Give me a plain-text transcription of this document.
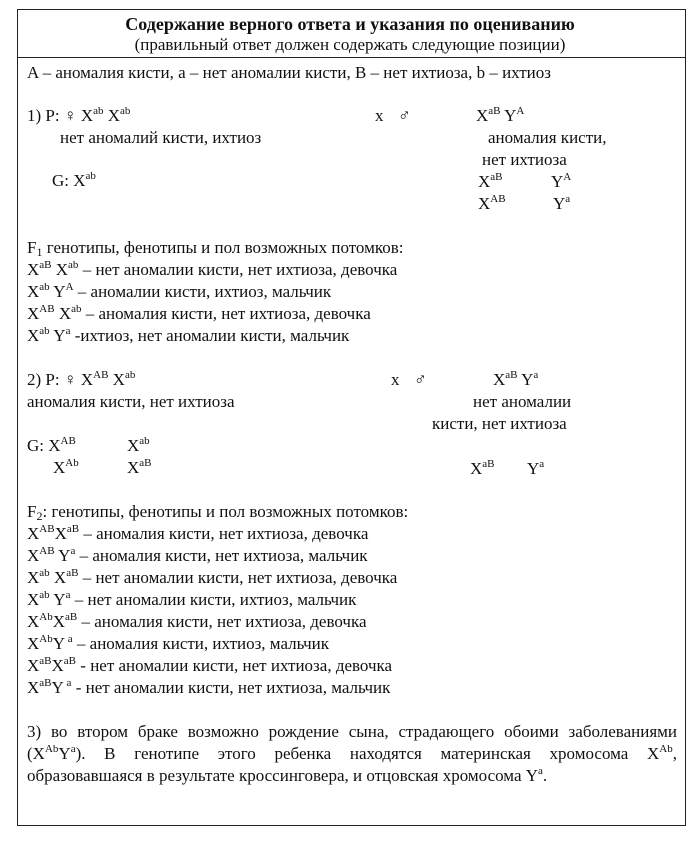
Содержание верного ответа и указания по оцениванию
(правильный ответ должен содержать следующие позиции)
A – аномалия кисти, а – нет аномалии кисти, В – нет ихтиоза, b – ихтиоз
1) P: ♀ $X^{ab}$ $X^{ab}$	x ♂	$X^{aB}$ $Y^A$
нет аномалий кисти, ихтиоз	аномалия кисти,
нет ихтиоза
G: $X^{ab}$	$X^{aB}$	$Y^A$
$X^{AB}$	$Y^a$
F1 генотипы, фенотипы и пол возможных потомков:
$X^{aB}$ $X^{ab}$ – нет аномалии кисти, нет ихтиоза, девочка
$X^{ab}$ $Y^A$ – аномалии кисти, ихтиоз, мальчик
$X^{AB}$ $X^{ab}$ – аномалия кисти, нет ихтиоза, девочка
$X^{ab}$ $Y^a$ -ихтиоз, нет аномалии кисти, мальчик
2) P: ♀ $X^{AB}$ $X^{ab}$	x ♂	$X^{aB}$ $Y^a$
аномалия кисти, нет ихтиоза	нет аномалии
кисти, нет ихтиоза
G: $X^{AB}$	$X^{ab}$
$X^{Ab}$	$X^{aB}$	$X^{aB}$ $Y^a$
F2: генотипы, фенотипы и пол возможных потомков:
$X^{AB}X^{aB}$ – аномалия кисти, нет ихтиоза, девочка
$X^{AB}$ $Y^a$ – аномалия кисти, нет ихтиоза, мальчик
$X^{ab}$ $X^{aB}$ – нет аномалии кисти, нет ихтиоза, девочка
$X^{ab}$ $Y^a$ – нет аномалии кисти, ихтиоз, мальчик
$X^{Ab}X^{aB}$ – аномалия кисти, нет ихтиоза, девочка
$X^{Ab}Y$ $^a$ – аномалия кисти, ихтиоз, мальчик
$X^{aB}X^{aB}$ - нет аномалии кисти, нет ихтиоза, девочка
$X^{aB}Y$ $^a$ - нет аномалии кисти, нет ихтиоза, мальчик
3) во втором браке возможно рождение сына, страдающего обоими заболеваниями $(X^{Ab}Y^a)$. В генотипе этого ребенка находятся материнская хромосома $X^{Ab}$, образовавшаяся в результате кроссинговера, и отцовская хромосома $Y^a$.
